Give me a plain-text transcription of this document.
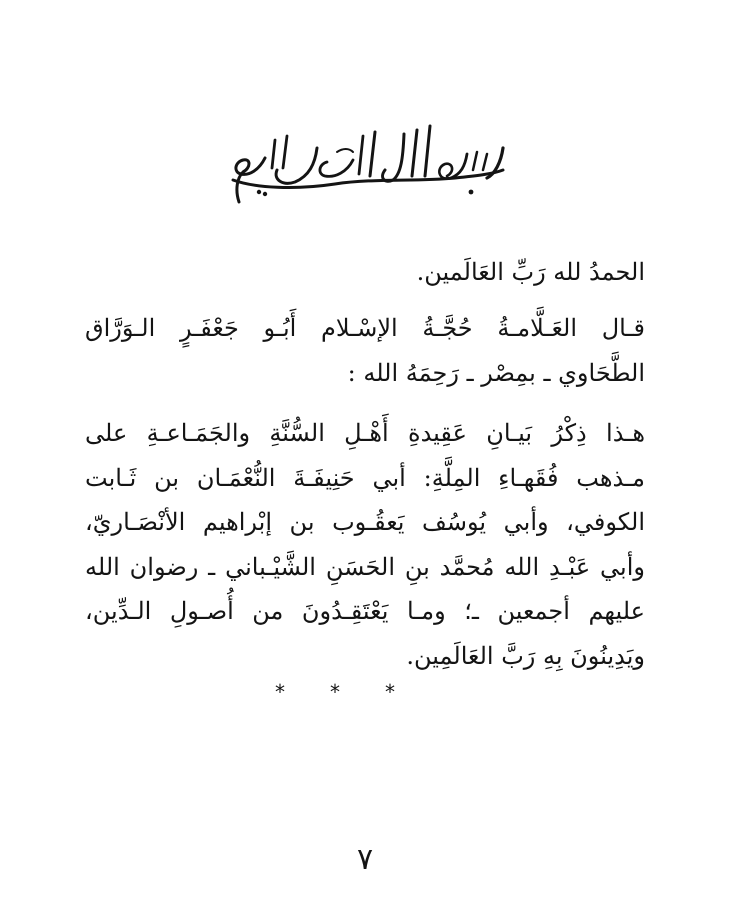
الحمدُ لله رَبِّ العَالَمين.
قـال العَـلَّامـةُ حُجَّـةُ الإسْـلام أَبُـو جَعْفَـرٍ الـوَرَّاق
الطَّحَاوي ـ بمِصْر ـ رَحِمَهُ الله :
هـذا ذِكْرُ بَيـانِ عَقِيدةِ أَهْـلِ السُّنَّةِ والجَمَـاعـةِ على
مـذهب فُقَهـاءِ المِلَّةِ: أبي حَنِيفَـةَ النُّعْمَـان بن ثَـابت
الكوفي، وأبي يُوسُف يَعقُـوب بن إبْراهيم الأنْصَـاريّ،
وأبي عَبْـدِ الله مُحمَّد بنِ الحَسَنِ الشَّيْـباني ـ رضوان الله
عليهم أجمعين ـ؛ ومـا يَعْتَقِـدُونَ من أُصـولِ الـدِّين،
ويَدِينُونَ بِهِ رَبَّ العَالَمِين.
* * *
٧
